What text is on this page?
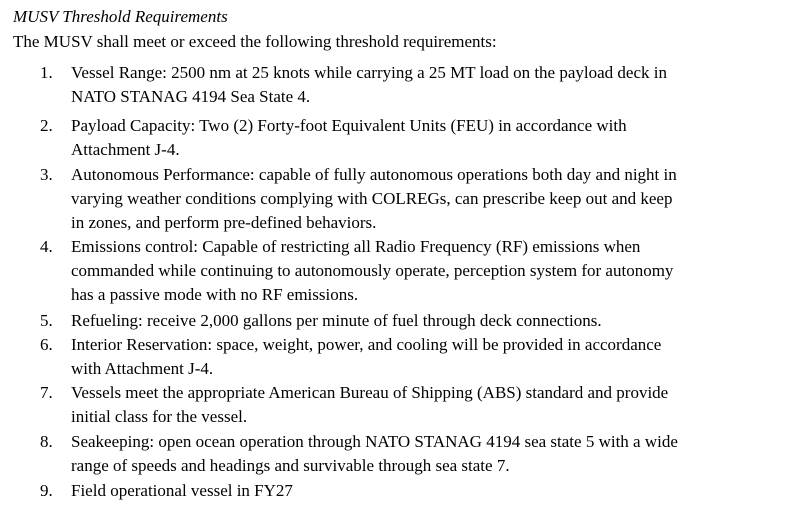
MUSV Threshold Requirements
The MUSV shall meet or exceed the following threshold requirements:
1. Vessel Range: 2500 nm at 25 knots while carrying a 25 MT load on the payload deck in
NATO STANAG 4194 Sea State 4.
2. Payload Capacity: Two (2) Forty-foot Equivalent Units (FEU) in accordance with
Attachment J-4.
3. Autonomous Performance: capable of fully autonomous operations both day and night in
varying weather conditions complying with COLREGs, can prescribe keep out and keep
in zones, and perform pre-defined behaviors.
4. Emissions control: Capable of restricting all Radio Frequency (RF) emissions when
commanded while continuing to autonomously operate, perception system for autonomy
has a passive mode with no RF emissions.
5. Refueling: receive 2,000 gallons per minute of fuel through deck connections.
6. Interior Reservation: space, weight, power, and cooling will be provided in accordance
with Attachment J-4.
7. Vessels meet the appropriate American Bureau of Shipping (ABS) standard and provide
initial class for the vessel.
8. Seakeeping: open ocean operation through NATO STANAG 4194 sea state 5 with a wide
range of speeds and headings and survivable through sea state 7.
9. Field operational vessel in FY27
